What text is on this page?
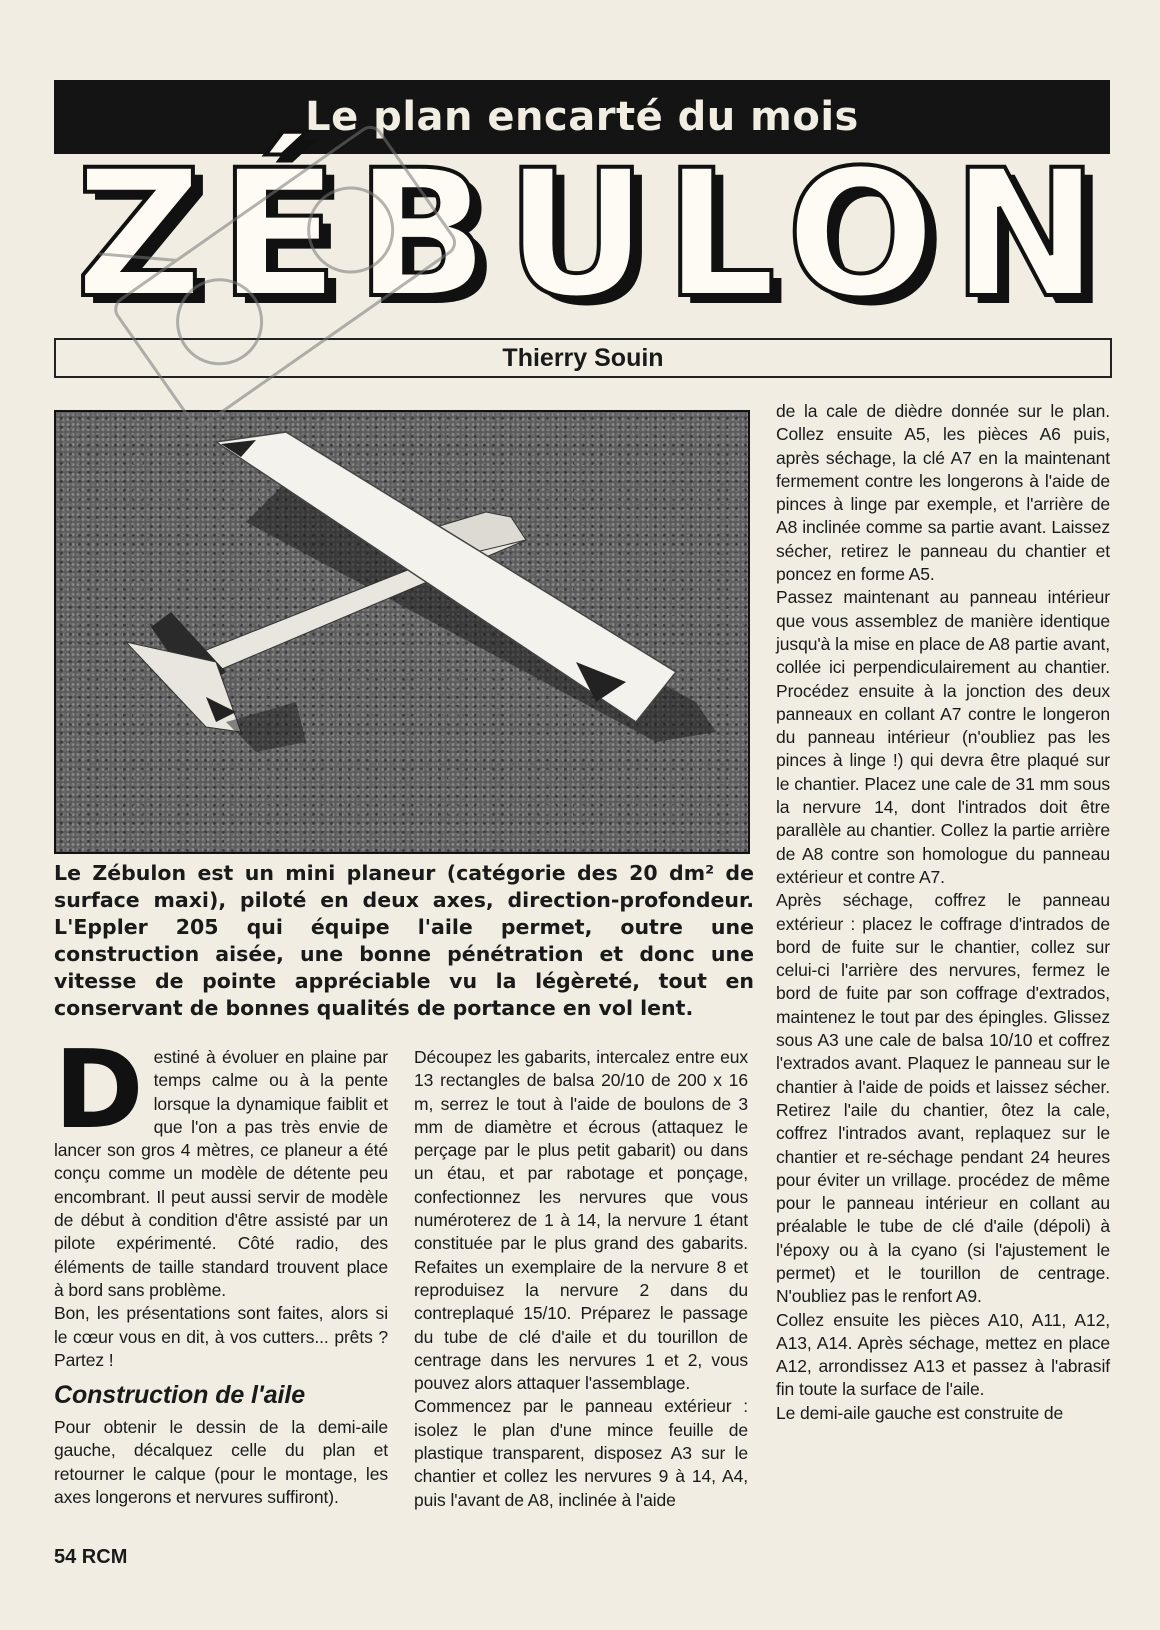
Le plan encarté du mois
ZÉBULON
Thierry Souin

Le Zébulon est un mini planeur (catégorie des 20 dm² de surface maxi), piloté en deux axes, direction-profondeur. L'Eppler 205 qui équipe l'aile permet, outre une construction aisée, une bonne pénétration et donc une vitesse de pointe appréciable vu la légèreté, tout en conservant de bonnes qualités de portance en vol lent.

D estiné à évoluer en plaine par temps calme ou à la pente lorsque la dynamique faiblit et que l'on a pas très envie de lancer son gros 4 mètres, ce planeur a été conçu comme un modèle de détente peu encombrant. Il peut aussi servir de modèle de début à condition d'être assisté par un pilote expérimenté. Côté radio, des éléments de taille standard trouvent place à bord sans problème.

Bon, les présentations sont faites, alors si le cœur vous en dit, à vos cutters... prêts ? Partez !

Construction de l'aile

Pour obtenir le dessin de la demi-aile gauche, décalquez celle du plan et retourner le calque (pour le montage, les axes longerons et nervures suffiront).

Découpez les gabarits, intercalez entre eux 13 rectangles de balsa 20/10 de 200 x 16 m, serrez le tout à l'aide de boulons de 3 mm de diamètre et écrous (attaquez le perçage par le plus petit gabarit) ou dans un étau, et par rabotage et ponçage, confectionnez les nervures que vous numéroterez de 1 à 14, la nervure 1 étant constituée par le plus grand des gabarits. Refaites un exemplaire de la nervure 8 et reproduisez la nervure 2 dans du contreplaqué 15/10. Préparez le passage du tube de clé d'aile et du tourillon de centrage dans les nervures 1 et 2, vous pouvez alors attaquer l'assemblage.

Commencez par le panneau extérieur : isolez le plan d'une mince feuille de plastique transparent, disposez A3 sur le chantier et collez les nervures 9 à 14, A4, puis l'avant de A8, inclinée à l'aide

de la cale de dièdre donnée sur le plan. Collez ensuite A5, les pièces A6 puis, après séchage, la clé A7 en la maintenant fermement contre les longerons à l'aide de pinces à linge par exemple, et l'arrière de A8 inclinée comme sa partie avant. Laissez sécher, retirez le panneau du chantier et poncez en forme A5.

Passez maintenant au panneau intérieur que vous assemblez de manière identique jusqu'à la mise en place de A8 partie avant, collée ici perpendiculairement au chantier. Procédez ensuite à la jonction des deux panneaux en collant A7 contre le longeron du panneau intérieur (n'oubliez pas les pinces à linge !) qui devra être plaqué sur le chantier. Placez une cale de 31 mm sous la nervure 14, dont l'intrados doit être parallèle au chantier. Collez la partie arrière de A8 contre son homologue du panneau extérieur et contre A7.

Après séchage, coffrez le panneau extérieur : placez le coffrage d'intrados de bord de fuite sur le chantier, collez sur celui-ci l'arrière des nervures, fermez le bord de fuite par son coffrage d'extrados, maintenez le tout par des épingles. Glissez sous A3 une cale de balsa 10/10 et coffrez l'extrados avant. Plaquez le panneau sur le chantier à l'aide de poids et laissez sécher. Retirez l'aile du chantier, ôtez la cale, coffrez l'intrados avant, replaquez sur le chantier et re-séchage pendant 24 heures pour éviter un vrillage. procédez de même pour le panneau intérieur en collant au préalable le tube de clé d'aile (dépoli) à l'époxy ou à la cyano (si l'ajustement le permet) et le tourillon de centrage. N'oubliez pas le renfort A9.

Collez ensuite les pièces A10, A11, A12, A13, A14. Après séchage, mettez en place A12, arrondissez A13 et passez à l'abrasif fin toute la surface de l'aile.

Le demi-aile gauche est construite de

54 RCM
